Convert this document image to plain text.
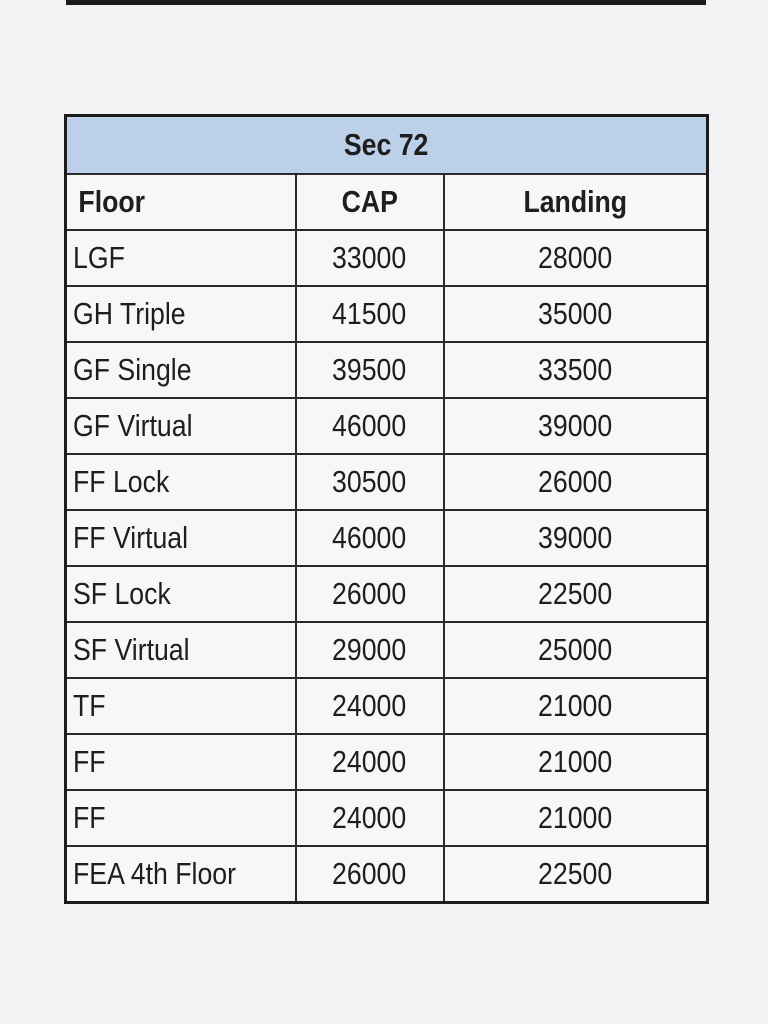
Sec 72		
Floor	CAP	Landing
LGF	33000	28000
GH Triple	41500	35000
GF Single	39500	33500
GF Virtual	46000	39000
FF Lock	30500	26000
FF Virtual	46000	39000
SF Lock	26000	22500
SF Virtual	29000	25000
TF	24000	21000
FF	24000	21000
FF	24000	21000
FEA 4th Floor	26000	22500
